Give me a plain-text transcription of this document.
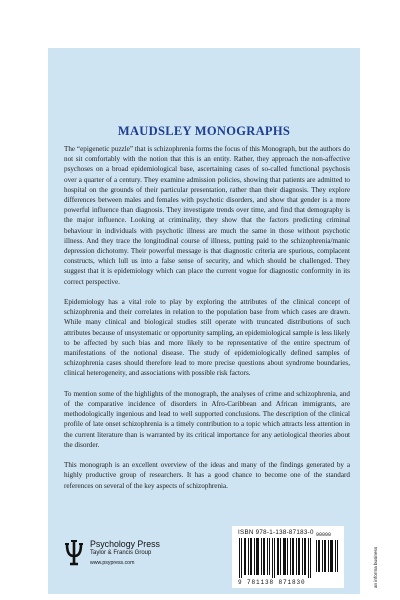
MAUDSLEY MONOGRAPHS

The “epigenetic puzzle” that is schizophrenia forms the focus of this Monograph, but the authors do not sit comfortably with the notion that this is an entity. Rather, they approach the non-affective psychoses on a broad epidemiological base, ascertaining cases of so-called functional psychosis over a quarter of a century. They examine admission policies, showing that patients are admitted to hospital on the grounds of their particular presentation, rather than their diagnosis. They explore differences between males and females with psychotic disorders, and show that gender is a more powerful influence than diagnosis. They investigate trends over time, and find that demography is the major influence. Looking at criminality, they show that the factors predicting criminal behaviour in individuals with psychotic illness are much the same in those without psychotic illness. And they trace the longitudinal course of illness, putting paid to the schizophrenia/manic depression dichotomy. Their powerful message is that diagnostic criteria are spurious, complacent constructs, which lull us into a false sense of security, and which should be challenged. They suggest that it is epidemiology which can place the current vogue for diagnostic conformity in its correct perspective.

Epidemiology has a vital role to play by exploring the attributes of the clinical concept of schizophrenia and their correlates in relation to the population base from which cases are drawn. While many clinical and biological studies still operate with truncated distributions of such attributes because of unsystematic or opportunity sampling, an epidemiological sample is less likely to be affected by such bias and more likely to be representative of the entire spectrum of manifestations of the notional disease. The study of epidemiologically defined samples of schizophrenia cases should therefore lead to more precise questions about syndrome boundaries, clinical heterogeneity, and associations with possible risk factors.

To mention some of the highlights of the monograph, the analyses of crime and schizophrenia, and of the comparative incidence of disorders in Afro-Caribbean and African immigrants, are methodologically ingenious and lead to well supported conclusions. The description of the clinical profile of late onset schizophrenia is a timely contribution to a topic which attracts less attention in the current literature than is warranted by its critical importance for any aetiological theories about the disorder.

This monograph is an excellent overview of the ideas and many of the findings generated by a highly productive group of researchers. It has a good chance to become one of the standard references on several of the key aspects of schizophrenia.

Psychology Press
Taylor & Francis Group
www.psypress.com
ISBN 978-1-138-87183-0
9 781138 871830
90000
an informa business
